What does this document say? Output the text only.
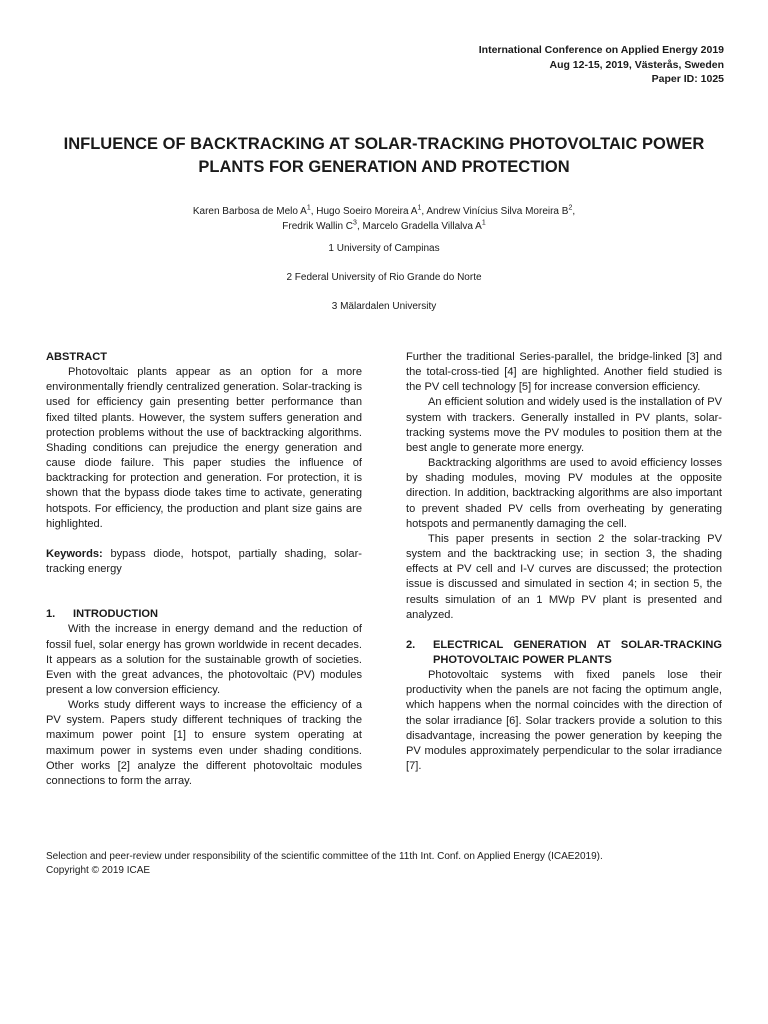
International Conference on Applied Energy 2019
Aug 12-15, 2019, Västerås, Sweden
Paper ID: 1025
INFLUENCE OF BACKTRACKING AT SOLAR-TRACKING PHOTOVOLTAIC POWER
PLANTS FOR GENERATION AND PROTECTION
Karen Barbosa de Melo $A^1$, Hugo Soeiro Moreira $A^1$, Andrew Vinícius Silva Moreira $B^2$,
Fredrik Wallin $C^3$, Marcelo Gradella Villalva $A^1$
1 University of Campinas
2 Federal University of Rio Grande do Norte
3 Mälardalen University
ABSTRACT

Photovoltaic plants appear as an option for a more environmentally friendly centralized generation. Solar-tracking is used for efficiency gain presenting better performance than fixed tilted plants. However, the system suffers generation and protection problems without the use of backtracking algorithms. Shading conditions can prejudice the energy generation and cause diode failure. This paper studies the influence of backtracking for protection and generation. For protection, it is shown that the bypass diode takes time to activate, generating hotspots. For efficiency, the production and plant size gains are highlighted.

Keywords: bypass diode, hotspot, partially shading, solar-tracking energy

1.	INTRODUCTION

With the increase in energy demand and the reduction of fossil fuel, solar energy has grown worldwide in recent decades. It appears as a solution for the sustainable growth of societies. Even with the great advances, the photovoltaic (PV) modules present a low conversion efficiency.

Works study different ways to increase the efficiency of a PV system. Papers study different techniques of tracking the maximum power point [1] to ensure system operating at maximum power in systems even under shading conditions. Other works [2] analyze the different photovoltaic modules connections to form the array.

Further the traditional Series-parallel, the bridge-linked [3] and the total-cross-tied [4] are highlighted. Another field studied is the PV cell technology [5] for increase conversion efficiency.

An efficient solution and widely used is the installation of PV system with trackers. Generally installed in PV plants, solar-tracking systems move the PV modules to position them at the best angle to generate more energy.

Backtracking algorithms are used to avoid efficiency losses by shading modules, moving PV modules at the opposite direction. In addition, backtracking algorithms are also important to prevent shaded PV cells from overheating by generating hotspots and permanently damaging the cell.

This paper presents in section 2 the solar-tracking PV system and the backtracking use; in section 3, the shading effects at PV cell and I-V curves are discussed; the protection issue is discussed and simulated in section 4; in section 5, the results simulation of an 1 MWp PV plant is presented and analyzed.

2.	ELECTRICAL GENERATION AT SOLAR-TRACKING
PHOTOVOLTAIC POWER PLANTS

Photovoltaic systems with fixed panels lose their productivity when the panels are not facing the optimum angle, which happens when the normal coincides with the direction of the solar irradiance [6]. Solar trackers provide a solution to this disadvantage, increasing the power generation by keeping the PV modules approximately perpendicular to the solar irradiance [7].

Selection and peer-review under responsibility of the scientific committee of the 11th Int. Conf. on Applied Energy (ICAE2019).
Copyright © 2019 ICAE
